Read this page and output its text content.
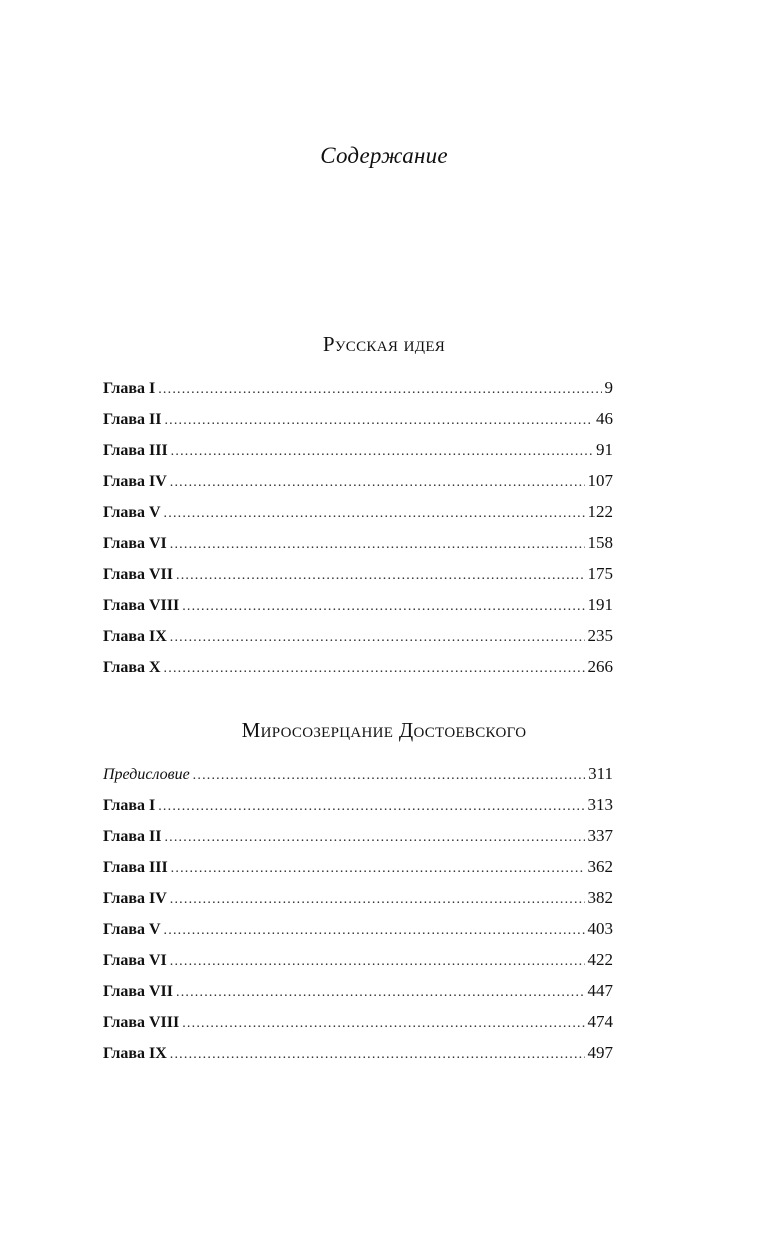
Содержание
Русская идея
Глава I .....	9
Глава II .....	46
Глава III .....	91
Глава IV .....	107
Глава V .....	122
Глава VI .....	158
Глава VII .....	175
Глава VIII .....	191
Глава IX .....	235
Глава X .....	266
Миросозерцание Достоевского
Предисловие .....	311
Глава I .....	313
Глава II .....	337
Глава III .....	362
Глава IV .....	382
Глава V .....	403
Глава VI .....	422
Глава VII .....	447
Глава VIII .....	474
Глава IX .....	497
